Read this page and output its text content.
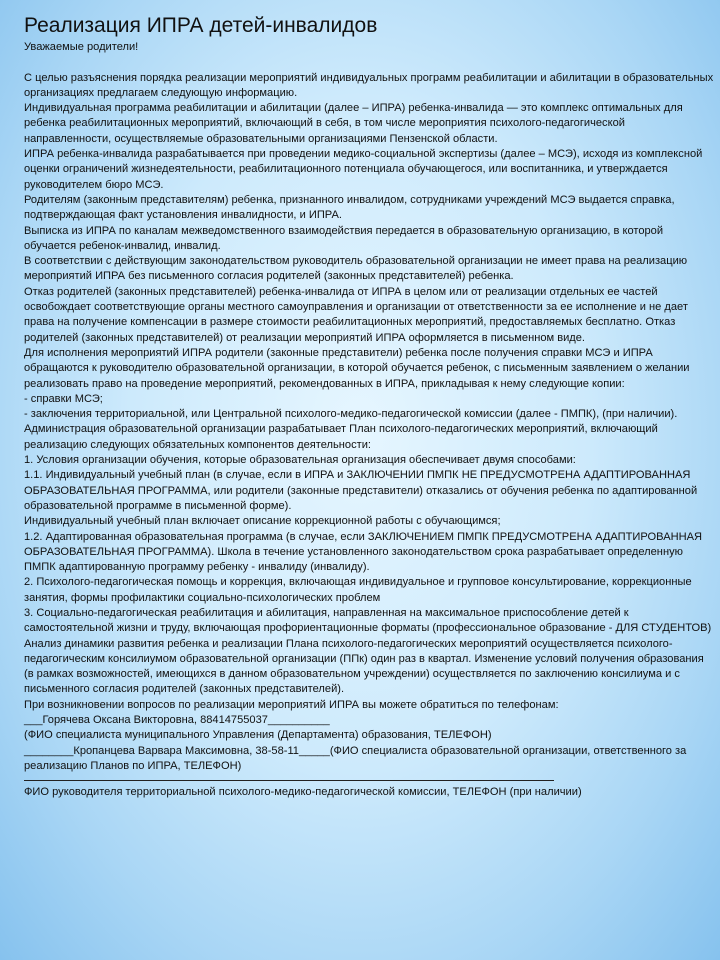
Реализация ИПРА детей-инвалидов

Уважаемые родители!

С целью разъяснения порядка реализации мероприятий индивидуальных программ реабилитации и абилитации в образовательных организациях предлагаем следующую информацию.

Индивидуальная программа реабилитации и абилитации (далее – ИПРА) ребенка-инвалида — это комплекс оптимальных для ребенка реабилитационных мероприятий, включающий в себя, в том числе мероприятия психолого-педагогической направленности, осуществляемые образовательными организациями Пензенской области.

ИПРА ребенка-инвалида разрабатывается при проведении медико-социальной экспертизы (далее – МСЭ), исходя из комплексной оценки ограничений жизнедеятельности, реабилитационного потенциала обучающегося, или воспитанника, и утверждается руководителем бюро МСЭ.

Родителям (законным представителям) ребенка, признанного инвалидом, сотрудниками учреждений МСЭ выдается справка, подтверждающая факт установления инвалидности, и ИПРА.

Выписка из ИПРА по каналам межведомственного взаимодействия передается в образовательную организацию, в которой обучается ребенок-инвалид, инвалид.

В соответствии с действующим законодательством руководитель образовательной организации не имеет права на реализацию мероприятий ИПРА без письменного согласия родителей (законных представителей) ребенка.

Отказ родителей (законных представителей) ребенка-инвалида от ИПРА в целом или от реализации отдельных ее частей освобождает соответствующие органы местного самоуправления и организации от ответственности за ее исполнение и не дает права на получение компенсации в размере стоимости реабилитационных мероприятий, предоставляемых бесплатно. Отказ родителей (законных представителей) от реализации мероприятий ИПРА оформляется в письменном виде.

Для исполнения мероприятий ИПРА родители (законные представители) ребенка после получения справки МСЭ и ИПРА обращаются к руководителю образовательной организации, в которой обучается ребенок, с письменным заявлением о желании реализовать право на проведение мероприятий, рекомендованных в ИПРА, прикладывая к нему следующие копии:

- справки МСЭ;

- заключения территориальной, или Центральной психолого-медико-педагогической комиссии (далее - ПМПК), (при наличии).

Администрация образовательной организации разрабатывает План психолого-педагогических мероприятий, включающий реализацию следующих обязательных компонентов деятельности:

1. Условия организации обучения, которые образовательная организация обеспечивает двумя способами:

1.1. Индивидуальный учебный план (в случае, если в ИПРА и ЗАКЛЮЧЕНИИ ПМПК НЕ ПРЕДУСМОТРЕНА АДАПТИРОВАННАЯ ОБРАЗОВАТЕЛЬНАЯ ПРОГРАММА, или родители (законные представители) отказались от обучения ребенка по адаптированной образовательной программе в письменной форме).

Индивидуальный учебный план включает описание коррекционной работы с обучающимся;

1.2. Адаптированная образовательная программа (в случае, если ЗАКЛЮЧЕНИЕМ ПМПК ПРЕДУСМОТРЕНА АДАПТИРОВАННАЯ ОБРАЗОВАТЕЛЬНАЯ ПРОГРАММА). Школа в течение установленного законодательством срока разрабатывает определенную ПМПК адаптированную программу ребенку - инвалиду (инвалиду).

2. Психолого-педагогическая помощь и коррекция, включающая индивидуальное и групповое консультирование, коррекционные занятия, формы профилактики социально-психологических проблем

3. Социально-педагогическая реабилитация и абилитация, направленная на максимальное приспособление детей к самостоятельной жизни и труду, включающая профориентационные форматы (профессиональное образование - ДЛЯ СТУДЕНТОВ)

Анализ динамики развития ребенка и реализации Плана психолого-педагогических мероприятий осуществляется психолого-педагогическим консилиумом образовательной организации (ППк) один раз в квартал. Изменение условий получения образования (в рамках возможностей, имеющихся в данном образовательном учреждении) осуществляется по заключению консилиума и с письменного согласия родителей (законных представителей).

При возникновении вопросов по реализации мероприятий ИПРА вы можете обратиться по телефонам:

___Горячева Оксана Викторовна, 88414755037__________

(ФИО специалиста муниципального Управления (Департамента) образования, ТЕЛЕФОН)

________Кропанцева Варвара Максимовна, 38-58-11_____(ФИО специалиста образовательной организации, ответственного за реализацию Планов по ИПРА, ТЕЛЕФОН)

ФИО руководителя территориальной психолого-медико-педагогической комиссии, ТЕЛЕФОН (при наличии)
